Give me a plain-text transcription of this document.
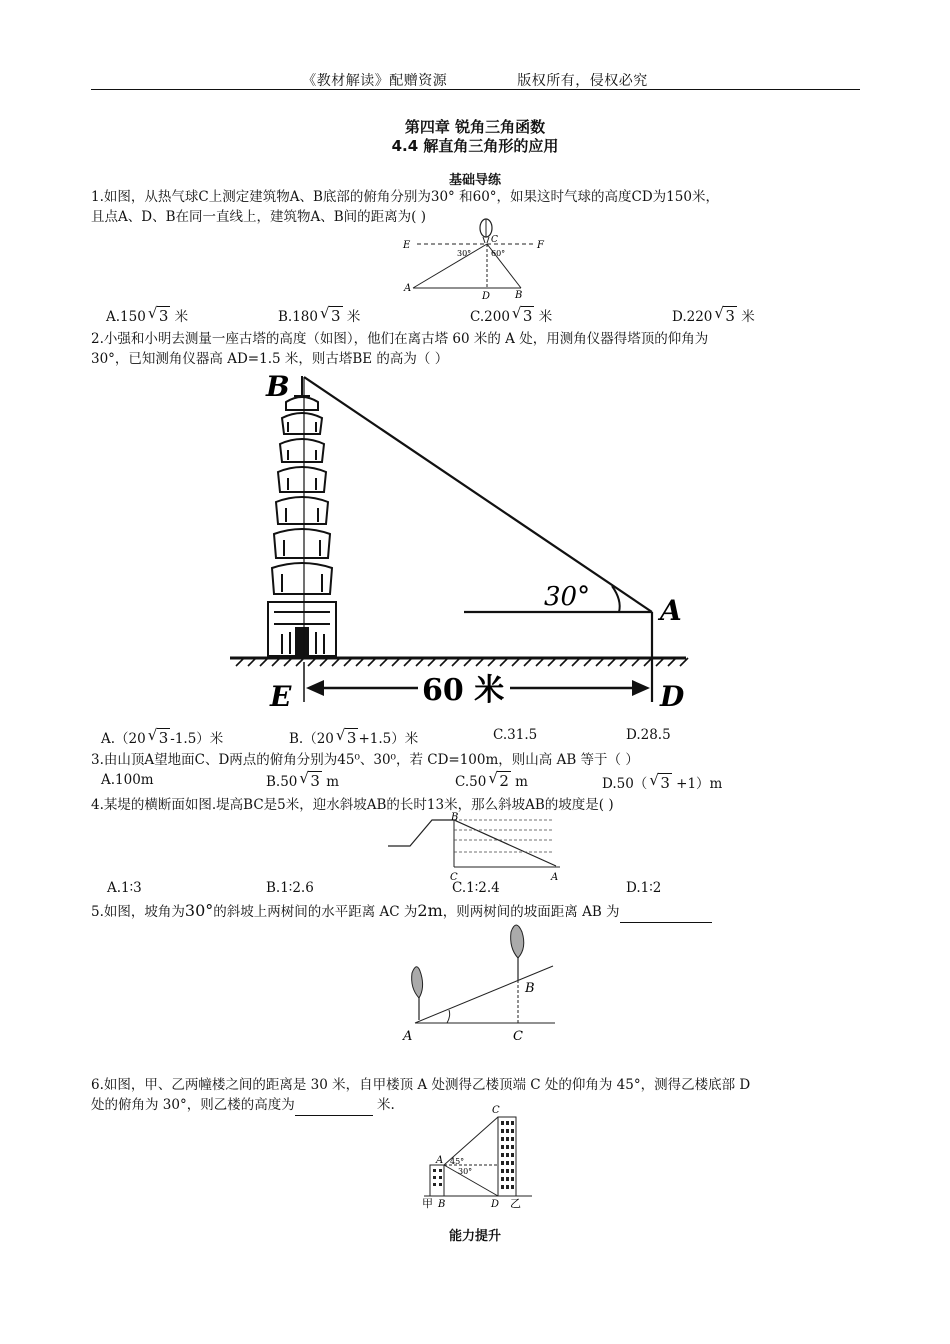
《教材解读》配赠资源	版权所有，侵权必究
第四章 锐角三角函数
4.4 解直角三角形的应用
基础导练
1.如图，从热气球C上测定建筑物A、B底部的俯角分别为30° 和60°，如果这时气球的高度CD为150米，
且点A、D、B在同一直线上，建筑物A、B间的距离为( )
E	F
C
30° 60°
A
D B
A.150 √ 3 米	B.180 √ 3 米	C.200 √ 3 米	D.220 √ 3 米
2.小强和小明去测量一座古塔的高度（如图），他们在离古塔 60 米的 A 处，用测角仪器得塔顶的仰角为
30°，已知测角仪器高 AD=1.5 米，则古塔BE 的高为（ ）
30°
B
A
E	D
60 米
A.（20 √ 3 -1.5）米	B.（20 √ 3 +1.5）米	C.31.5	D.28.5
3.由山顶A望地面C、D两点的俯角分别为45⁰、30⁰，若 CD=100m，则山高 AB 等于（ ）
A.100m	B.50 √ 3 m	C.50 √ 2 m	D.50（ √ 3 +1）m
4.某堤的横断面如图.堤高BC是5米，迎水斜坡AB的长时13米，那么斜坡AB的坡度是( )
B
C	A
A.1∶3	B.1∶2.6	C.1∶2.4	D.1∶2
5.如图，坡角为30°的斜坡上两树间的水平距离 AC 为2m，则两树间的坡面距离 AB 为
A
B
C
6.如图，甲、乙两幢楼之间的距离是 30 米，自甲楼顶 A 处测得乙楼顶端 C 处的仰角为 45°，测得乙楼底部 D
处的俯角为 30°，则乙楼的高度为	米.	C
A 45°
30°
甲 B	D 乙
能力提升
